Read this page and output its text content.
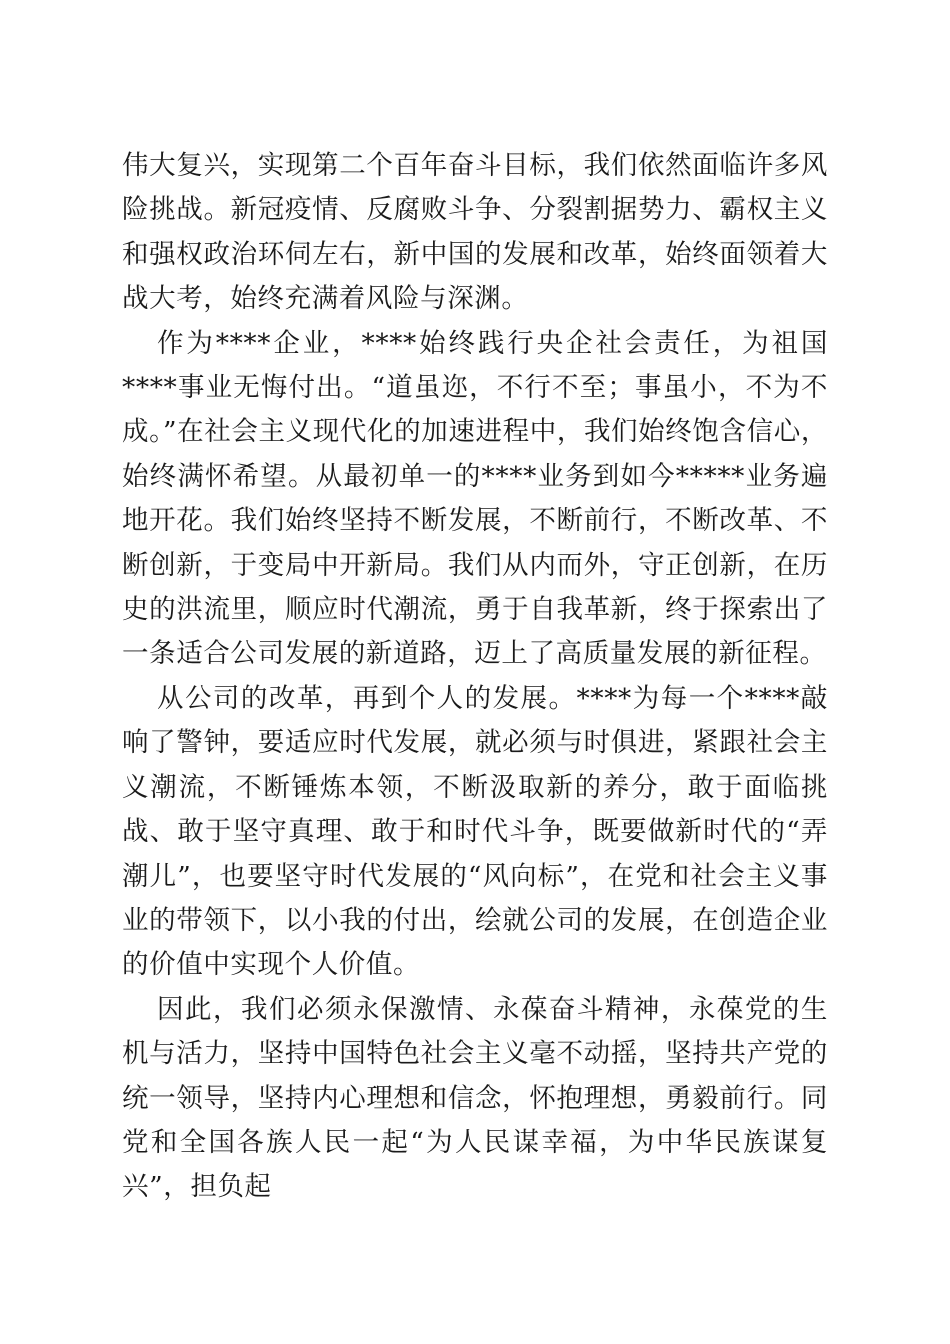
伟大复兴，实现第二个百年奋斗目标，我们依然面临许多风险挑战。新冠疫情、反腐败斗争、分裂割据势力、霸权主义和强权政治环伺左右，新中国的发展和改革，始终面领着大战大考，始终充满着风险与深渊。

作为****企业，****始终践行央企社会责任，为祖国****事业无悔付出。“道虽迩，不行不至；事虽小，不为不成。”在社会主义现代化的加速进程中，我们始终饱含信心，始终满怀希望。从最初单一的****业务到如今*****业务遍地开花。我们始终坚持不断发展，不断前行，不断改革、不断创新，于变局中开新局。我们从内而外，守正创新，在历史的洪流里，顺应时代潮流，勇于自我革新，终于探索出了一条适合公司发展的新道路，迈上了高质量发展的新征程。

从公司的改革，再到个人的发展。****为每一个****敲响了警钟，要适应时代发展，就必须与时俱进，紧跟社会主义潮流，不断锤炼本领，不断汲取新的养分，敢于面临挑战、敢于坚守真理、敢于和时代斗争，既要做新时代的“弄潮儿”，也要坚守时代发展的“风向标”，在党和社会主义事业的带领下，以小我的付出，绘就公司的发展，在创造企业的价值中实现个人价值。

因此，我们必须永保激情、永葆奋斗精神，永葆党的生机与活力，坚持中国特色社会主义毫不动摇，坚持共产党的统一领导，坚持内心理想和信念，怀抱理想，勇毅前行。同党和全国各族人民一起“为人民谋幸福，为中华民族谋复兴”，担负起
